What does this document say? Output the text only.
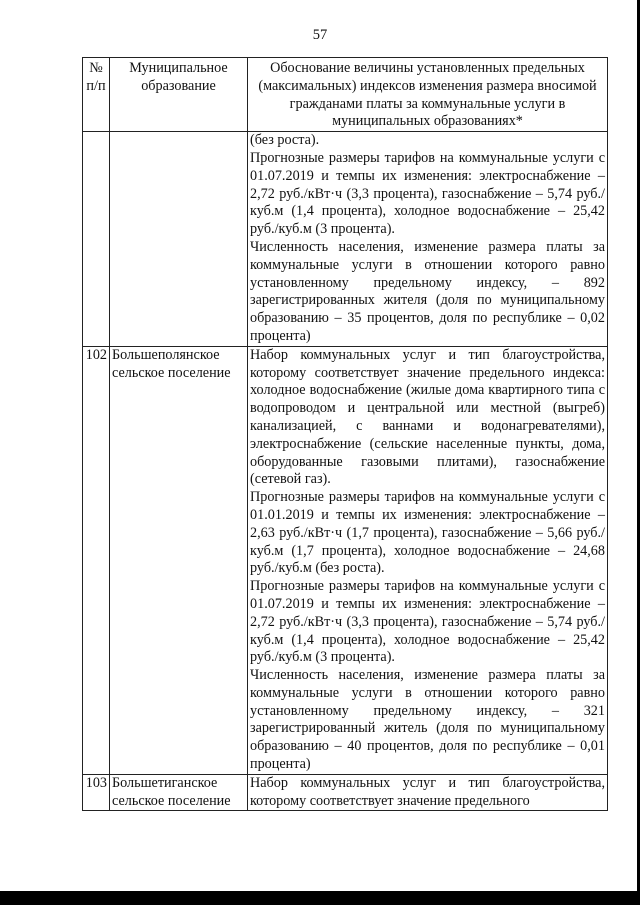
57
№ п/п	Муниципальное образование	Обоснование величины установленных предельных (максимальных) индексов изменения размера вносимой гражданами платы за коммунальные услуги в муниципальных образованиях*

		(без роста).

Прогнозные размеры тарифов на коммунальные услуги с 01.07.2019 и темпы их изменения: электроснабжение – 2,72 руб./кВт·ч (3,3 процента), газоснабжение – 5,74 руб./куб.м (1,4 процента), холодное водоснабжение – 25,42 руб./куб.м (3 процента).

Численность населения, изменение размера платы за коммунальные услуги в отношении которого равно установленному предельному индексу, – 892 зарегистрированных жителя (доля по муниципальному образованию – 35 процентов, доля по республике – 0,02 процента)

102	Большеполянское сельское поселение	Набор коммунальных услуг и тип благоустройства, которому соответствует значение предельного индекса: холодное водоснабжение (жилые дома квартирного типа с водопроводом и центральной или местной (выгреб) канализацией, с ваннами и водонагревателями), электроснабжение (сельские населенные пункты, дома, оборудованные газовыми плитами), газоснабжение (сетевой газ).

Прогнозные размеры тарифов на коммунальные услуги с 01.01.2019 и темпы их изменения: электроснабжение – 2,63 руб./кВт·ч (1,7 процента), газоснабжение – 5,66 руб./куб.м (1,7 процента), холодное водоснабжение – 24,68 руб./куб.м (без роста).

Прогнозные размеры тарифов на коммунальные услуги с 01.07.2019 и темпы их изменения: электроснабжение – 2,72 руб./кВт·ч (3,3 процента), газоснабжение – 5,74 руб./куб.м (1,4 процента), холодное водоснабжение – 25,42 руб./куб.м (3 процента).

Численность населения, изменение размера платы за коммунальные услуги в отношении которого равно установленному предельному индексу, – 321 зарегистрированный житель (доля по муниципальному образованию – 40 процентов, доля по республике – 0,01 процента)

103	Большетиганское сельское поселение	Набор коммунальных услуг и тип благоустройства, которому соответствует значение предельного
